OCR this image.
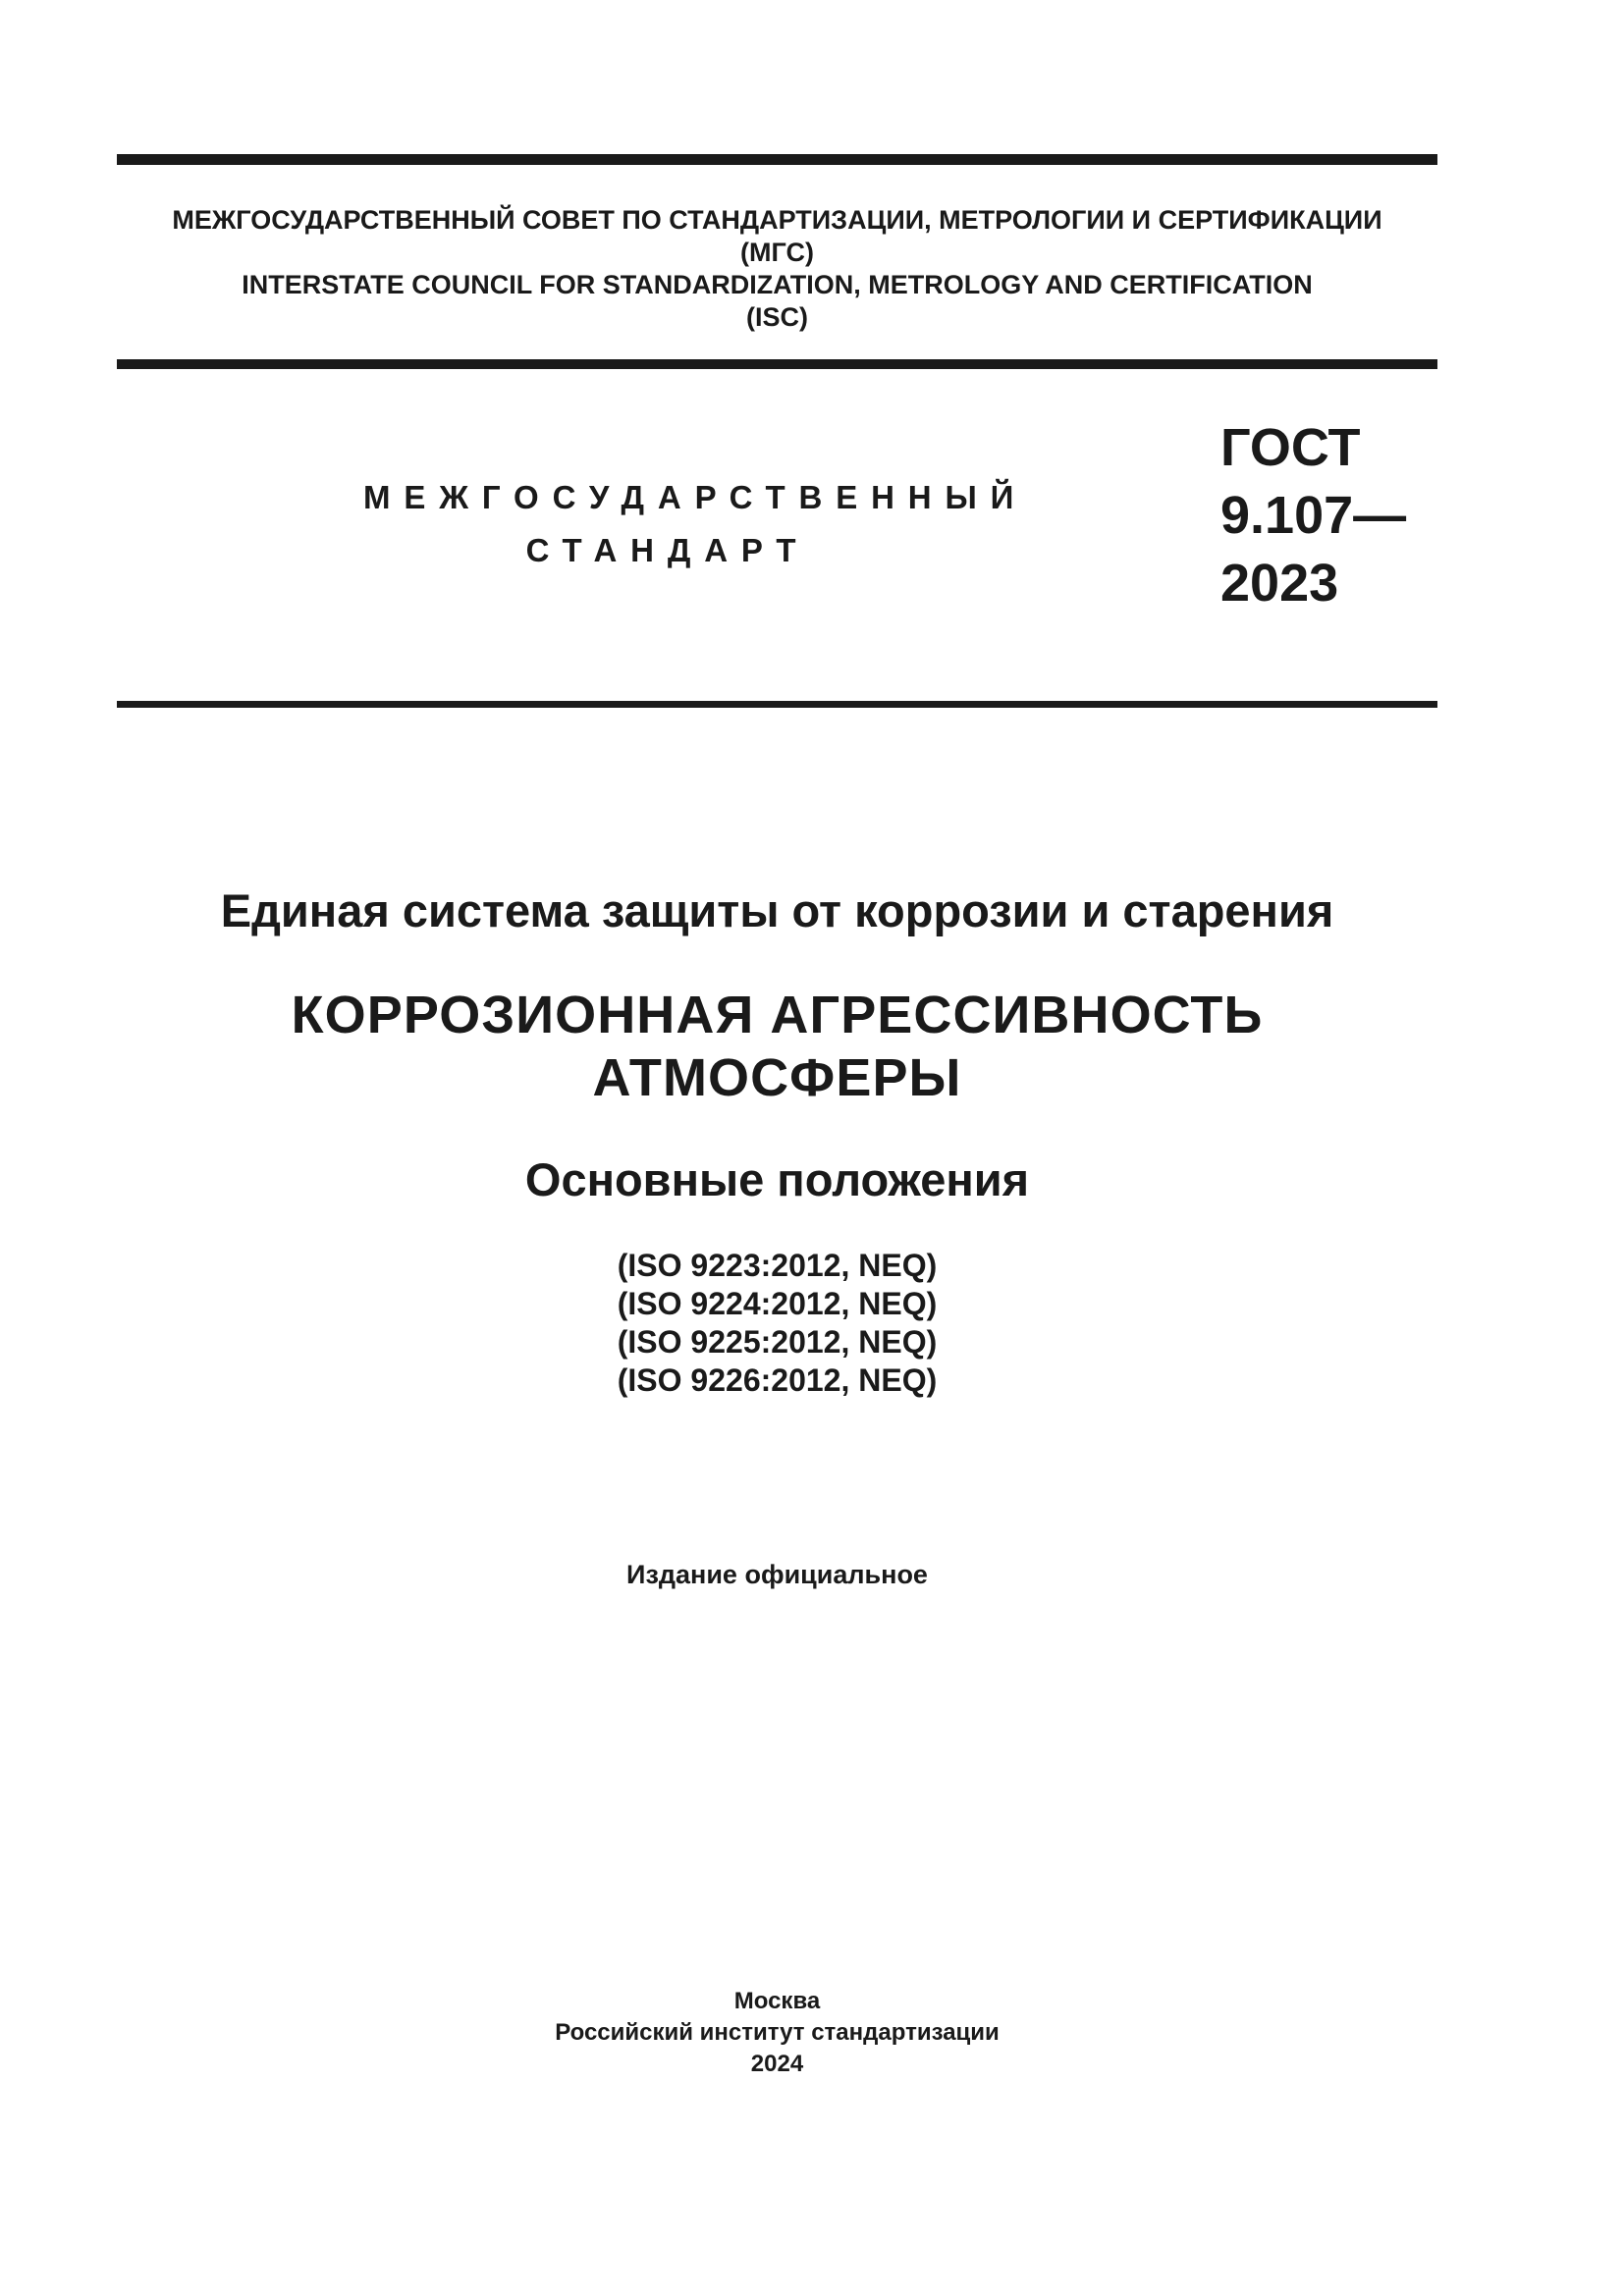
МЕЖГОСУДАРСТВЕННЫЙ СОВЕТ ПО СТАНДАРТИЗАЦИИ, МЕТРОЛОГИИ И СЕРТИФИКАЦИИ
(МГС)
INTERSTATE COUNCIL FOR STANDARDIZATION, METROLOGY AND CERTIFICATION
(ISC)
МЕЖГОСУДАРСТВЕННЫЙ
СТАНДАРТ
ГОСТ
9.107—
2023
Единая система защиты от коррозии и старения
КОРРОЗИОННАЯ АГРЕССИВНОСТЬ
АТМОСФЕРЫ
Основные положения
(ISO 9223:2012, NEQ)
(ISO 9224:2012, NEQ)
(ISO 9225:2012, NEQ)
(ISO 9226:2012, NEQ)
Издание официальное
Москва
Российский институт стандартизации
2024
